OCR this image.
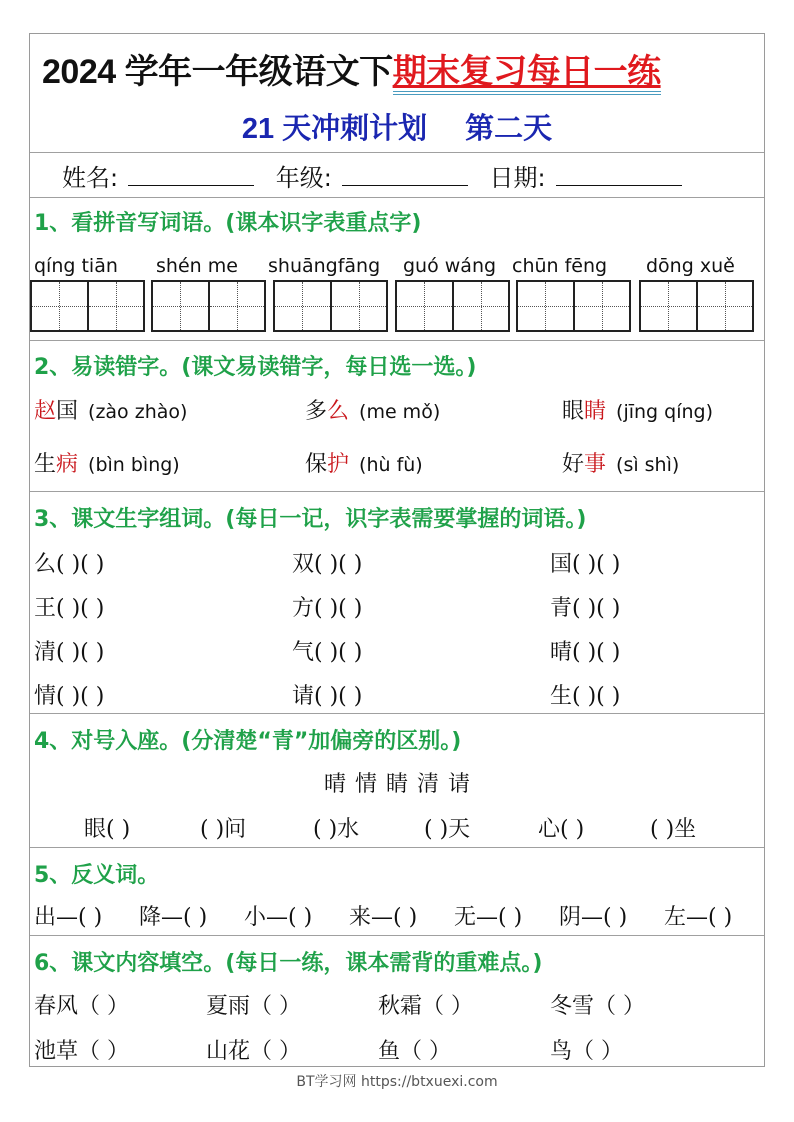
2024 学年一年级语文下期末复习每日一练
21 天冲刺计划 第二天
姓名:	年级:	日期:
1、看拼音写词语。(课本识字表重点字)
qíng tiān shén me shuāngfāng guó wáng chūn fēng dōng xuě
2、易读错字。(课文易读错字，每日选一选。)
赵国 (zào zhào)	多么 (me mǒ)	眼睛 (jīng qíng)
生病 (bìn bìng)	保护 (hù fù)	好事 (sì shì)
3、课文生字组词。(每日一记，识字表需要掌握的词语。)
么( )( )	双( )( )	国( )( )
王( )( )	方( )( )	青( )( )
清( )( )	气( )( )	晴( )( )
情( )( )	请( )( )	生( )( )
4、对号入座。(分清楚“青”加偏旁的区别。)
晴 情 睛 清 请
眼( )	( )问	( )水	( )天	心( )	( )坐
5、反义词。
出—( ) 降—( ) 小—( ) 来—( ) 无—( ) 阴—( ) 左—( )
6、课文内容填空。(每日一练，课本需背的重难点。)
春风（ ）	夏雨（ ）	秋霜（ ）	冬雪（ ）
池草（ ）	山花（ ）	鱼（ ）	鸟（ ）
BT学习网 https://btxuexi.com
